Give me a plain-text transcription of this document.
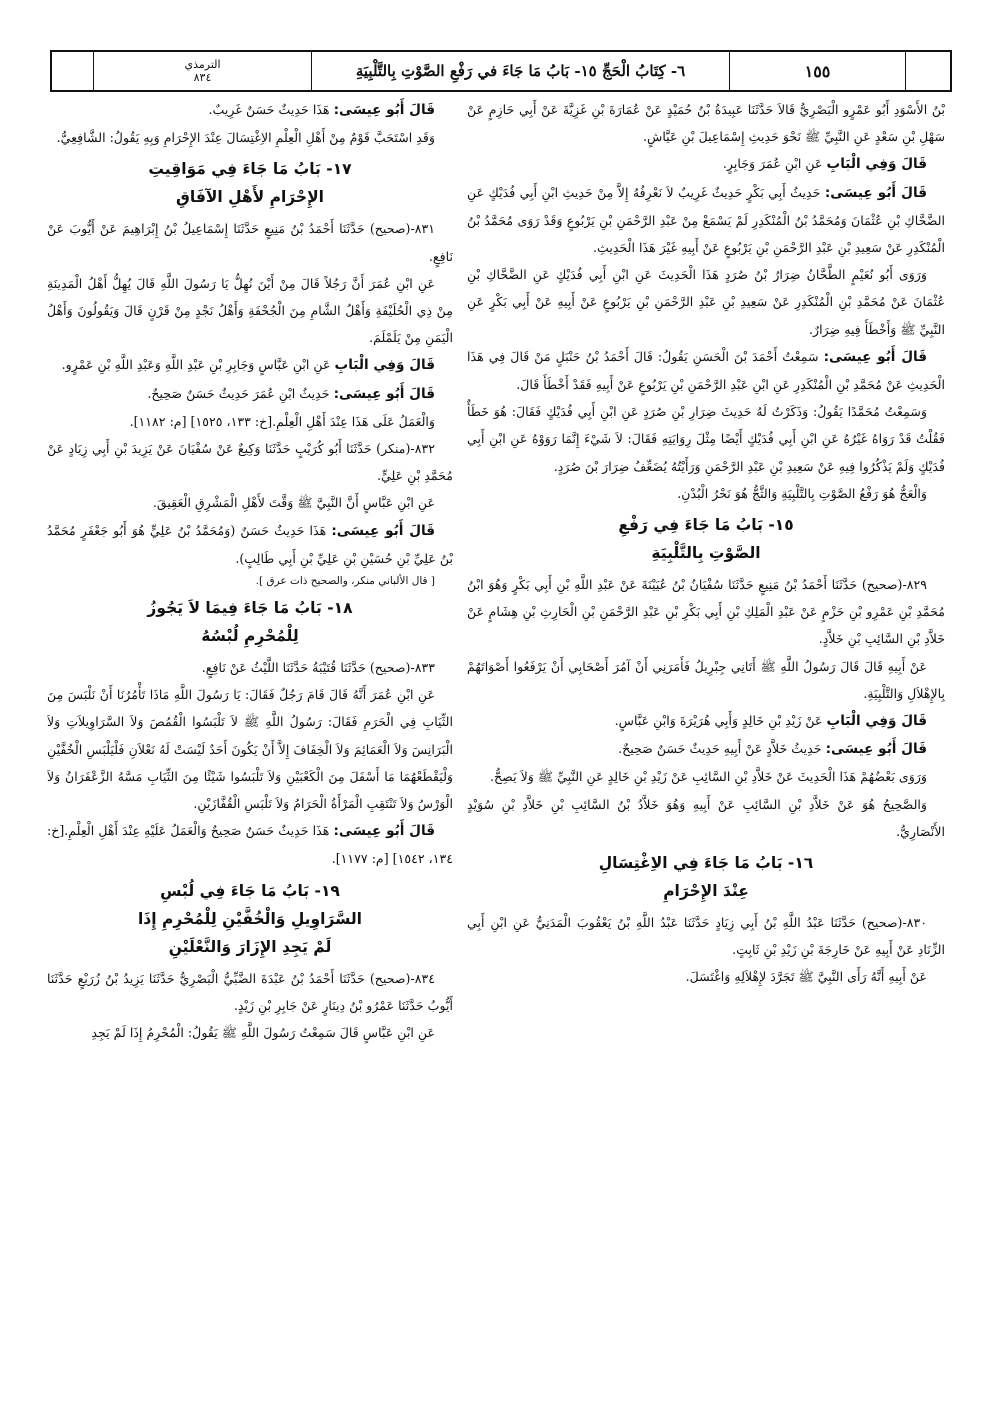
الترمذي
٨٣٤	٦- كِتَابُ الْحَجِّ ١٥- بَابُ مَا جَاءَ في رَفْعِ الصَّوْتِ بِالتَّلْبِيَةِ	١٥٥

بْنُ الأَسْوَدِ أَبُو عَمْرٍو الْبَصْرِيُّ قَالاَ حَدَّثَنَا عَبِيدَةُ بْنُ حُمَيْدٍ عَنْ عُمَارَةَ بْنِ غَزِيَّةَ عَنْ أَبِي حَازِمٍ عَنْ سَهْلِ بْنِ سَعْدٍ عَنِ النَّبِيِّ ﷺ نَحْوَ حَدِيثِ إِسْمَاعِيلَ بْنِ عَيَّاشٍ.

قَالَ وَفِي الْبَابِ عَنِ ابْنِ عُمَرَ وَجَابِرٍ.

قَالَ أَبُو عِيسَى: حَدِيثُ أَبِي بَكْرٍ حَدِيثٌ غَرِيبٌ لاَ نَعْرِفُهُ إِلاَّ مِنْ حَدِيثِ ابْنِ أَبِي فُدَيْكٍ عَنِ الضَّحَّاكِ بْنِ عُثْمَانَ وَمُحَمَّدُ بْنُ الْمُنْكَدِرِ لَمْ يَسْمَعْ مِنْ عَبْدِ الرَّحْمَنِ بْنِ يَرْبُوعٍ وَقَدْ رَوَى مُحَمَّدُ بْنُ الْمُنْكَدِرِ عَنْ سَعِيدِ بْنِ عَبْدِ الرَّحْمَنِ بْنِ يَرْبُوعٍ عَنْ أَبِيهِ غَيْرَ هَذَا الْحَدِيثِ.

وَرَوَى أَبُو نُعَيْمٍ الطَّحَّانُ ضِرَارُ بْنُ صُرَدٍ هَذَا الْحَدِيثَ عَنِ ابْنِ أَبِي فُدَيْكٍ عَنِ الضَّحَّاكِ بْنِ عُثْمَانَ عَنْ مُحَمَّدِ بْنِ الْمُنْكَدِرِ عَنْ سَعِيدِ بْنِ عَبْدِ الرَّحْمَنِ بْنِ يَرْبُوعٍ عَنْ أَبِيهِ عَنْ أَبِي بَكْرٍ عَنِ النَّبِيِّ ﷺ وَأَخْطَأَ فِيهِ ضِرَارٌ.

قَالَ أَبُو عِيسَى: سَمِعْتُ أَحْمَدَ بْنَ الْحَسَنِ يَقُولُ: قَالَ أَحْمَدُ بْنُ حَنْبَلٍ مَنْ قَالَ فِي هَذَا الْحَدِيثِ عَنْ مُحَمَّدِ بْنِ الْمُنْكَدِرِ عَنِ ابْنِ عَبْدِ الرَّحْمَنِ بْنِ يَرْبُوعٍ عَنْ أَبِيهِ فَقَدْ أَخْطَأَ قَالَ.

وَسَمِعْتُ مُحَمَّدًا يَقُولُ: وَذَكَرْتُ لَهُ حَدِيثَ ضِرَارِ بْنِ صُرَدٍ عَنِ ابْنِ أَبِي فُدَيْكٍ فَقَالَ: هُوَ خَطَأٌ فَقُلْتُ قَدْ رَوَاهُ غَيْرُهُ عَنِ ابْنِ أَبِي فُدَيْكٍ أَيْضًا مِثْلَ رِوَايَتِهِ فَقَالَ: لاَ شَيْءَ إِنَّمَا رَوَوْهُ عَنِ ابْنِ أَبِي فُدَيْكٍ وَلَمْ يَذْكُرُوا فِيهِ عَنْ سَعِيدِ بْنِ عَبْدِ الرَّحْمَنِ وَرَأَيْتُهُ يُضَعِّفُ ضِرَارَ بْنَ صُرَدٍ.

وَالْعَجُّ هُوَ رَفْعُ الصَّوْتِ بِالتَّلْبِيَةِ وَالثَّجُّ هُوَ نَحْرُ الْبُدْنِ.

١٥- بَابُ مَا جَاءَ فِي رَفْعِ
الصَّوْتِ بِالتَّلْبِيَةِ

٨٢٩-(صحيح) حَدَّثَنَا أَحْمَدُ بْنُ مَنِيعٍ حَدَّثَنَا سُفْيَانُ بْنُ عُيَيْنَةَ عَنْ عَبْدِ اللَّهِ بْنِ أَبِي بَكْرٍ وَهُوَ ابْنُ مُحَمَّدِ بْنِ عَمْرِو بْنِ حَزْمٍ عَنْ عَبْدِ الْمَلِكِ بْنِ أَبِي بَكْرِ بْنِ عَبْدِ الرَّحْمَنِ بْنِ الْحَارِثِ بْنِ هِشَامٍ عَنْ خَلاَّدِ بْنِ السَّائِبِ بْنِ خَلاَّدٍ.

عَنْ أَبِيهِ قَالَ قَالَ رَسُولُ اللَّهِ ﷺ أَتَانِي جِبْرِيلُ فَأَمَرَنِي أَنْ آمُرَ أَصْحَابِي أَنْ يَرْفَعُوا أَصْوَاتَهُمْ بِالإِهْلاَلِ وَالتَّلْبِيَةِ.

قَالَ وَفِي الْبَابِ عَنْ زَيْدِ بْنِ خَالِدٍ وَأَبِي هُرَيْرَةَ وَابْنِ عَبَّاسٍ.

قَالَ أَبُو عِيسَى: حَدِيثُ خَلاَّدٍ عَنْ أَبِيهِ حَدِيثٌ حَسَنٌ صَحِيحٌ.

وَرَوَى بَعْضُهُمْ هَذَا الْحَدِيثَ عَنْ خَلاَّدِ بْنِ السَّائِبِ عَنْ زَيْدِ بْنِ خَالِدٍ عَنِ النَّبِيِّ ﷺ وَلاَ يَصِحُّ.

وَالصَّحِيحُ هُوَ عَنْ خَلاَّدِ بْنِ السَّائِبِ عَنْ أَبِيهِ وَهُوَ خَلاَّدُ بْنُ السَّائِبِ بْنِ خَلاَّدِ بْنِ سُوَيْدٍ الأَنْصَارِيُّ.

١٦- بَابُ مَا جَاءَ فِي الاِغْتِسَالِ
عِنْدَ الإِحْرَامِ

٨٣٠-(صحيح) حَدَّثَنَا عَبْدُ اللَّهِ بْنُ أَبِي زِيَادٍ حَدَّثَنَا عَبْدُ اللَّهِ بْنُ يَعْقُوبَ الْمَدَنِيُّ عَنِ ابْنِ أَبِي الزِّنَادِ عَنْ أَبِيهِ عَنْ خَارِجَةَ بْنِ زَيْدِ بْنِ ثَابِتٍ.

عَنْ أَبِيهِ أَنَّهُ رَأَى النَّبِيَّ ﷺ تَجَرَّدَ لإِهْلاَلِهِ وَاغْتَسَلَ.

قَالَ أَبُو عِيسَى: هَذَا حَدِيثٌ حَسَنٌ غَرِيبٌ.

وَقَدِ اسْتَحَبَّ قَوْمٌ مِنْ أَهْلِ الْعِلْمِ الاِغْتِسَالَ عِنْدَ الإِحْرَامِ وَبِهِ يَقُولُ: الشَّافِعِيُّ.

١٧- بَابُ مَا جَاءَ فِي مَوَاقِيتِ
الإِحْرَامِ لأَهْلِ الآفَاقِ

٨٣١-(صحيح) حَدَّثَنَا أَحْمَدُ بْنُ مَنِيعٍ حَدَّثَنَا إِسْمَاعِيلُ بْنُ إِبْرَاهِيمَ عَنْ أَيُّوبَ عَنْ نَافِعٍ.

عَنِ ابْنِ عُمَرَ أَنَّ رَجُلاً قَالَ مِنْ أَيْنَ نُهِلُّ يَا رَسُولَ اللَّهِ قَالَ يُهِلُّ أَهْلُ الْمَدِينَةِ مِنْ ذِي الْحُلَيْفَةِ وَأَهْلُ الشَّامِ مِنَ الْجُحْفَةِ وَأَهْلُ نَجْدٍ مِنْ قَرْنٍ قَالَ وَيَقُولُونَ وَأَهْلُ الْيَمَنِ مِنْ يَلَمْلَمَ.

قَالَ وَفِي الْبَابِ عَنِ ابْنِ عَبَّاسٍ وَجَابِرِ بْنِ عَبْدِ اللَّهِ وَعَبْدِ اللَّهِ بْنِ عَمْرٍو.

قَالَ أَبُو عِيسَى: حَدِيثُ ابْنِ عُمَرَ حَدِيثٌ حَسَنٌ صَحِيحٌ.

وَالْعَمَلُ عَلَى هَذَا عِنْدَ أَهْلِ الْعِلْمِ.[خ: ١٣٣، ١٥٢٥] [م: ١١٨٢].

٨٣٢-(منكر) حَدَّثَنَا أَبُو كُرَيْبٍ حَدَّثَنَا وَكِيعٌ عَنْ سُفْيَانَ عَنْ يَزِيدَ بْنِ أَبِي زِيَادٍ عَنْ مُحَمَّدِ بْنِ عَلِيٍّ.

عَنِ ابْنِ عَبَّاسٍ أَنَّ النَّبِيَّ ﷺ وَقَّتَ لأَهْلِ الْمَشْرِقِ الْعَقِيقَ.

قَالَ أَبُو عِيسَى: هَذَا حَدِيثٌ حَسَنٌ (وَمُحَمَّدُ بْنُ عَلِيٍّ هُوَ أَبُو جَعْفَرٍ مُحَمَّدُ بْنُ عَلِيِّ بْنِ حُسَيْنِ بْنِ عَلِيِّ بْنِ أَبِي طَالِبٍ).

[ قال الألباني منكر، والصحيح ذات عرق ].

١٨- بَابُ مَا جَاءَ فِيمَا لاَ يَجُوزُ
لِلْمُحْرِمِ لُبْسُهُ

٨٣٣-(صحيح) حَدَّثَنَا قُتَيْبَةُ حَدَّثَنَا اللَّيْثُ عَنْ نَافِعٍ.

عَنِ ابْنِ عُمَرَ أَنَّهُ قَالَ قَامَ رَجُلٌ فَقَالَ: يَا رَسُولَ اللَّهِ مَاذَا تَأْمُرُنَا أَنْ نَلْبَسَ مِنَ الثِّيَابِ فِي الْحَرَمِ فَقَالَ: رَسُولُ اللَّهِ ﷺ لاَ تَلْبَسُوا الْقُمُصَ وَلاَ السَّرَاوِيلاَتِ وَلاَ الْبَرَانِسَ وَلاَ الْعَمَائِمَ وَلاَ الْخِفَافَ إِلاَّ أَنْ يَكُونَ أَحَدٌ لَيْسَتْ لَهُ نَعْلاَنِ فَلْيَلْبَسِ الْخُفَّيْنِ وَلْيَقْطَعْهُمَا مَا أَسْفَلَ مِنَ الْكَعْبَيْنِ وَلاَ تَلْبَسُوا شَيْئًا مِنَ الثِّيَابِ مَسَّهُ الزَّعْفَرَانُ وَلاَ الْوَرْسُ وَلاَ تَنْتَقِبِ الْمَرْأَةُ الْحَرَامُ وَلاَ تَلْبَسِ الْقُفَّازَيْنِ.

قَالَ أَبُو عِيسَى: هَذَا حَدِيثٌ حَسَنٌ صَحِيحٌ وَالْعَمَلُ عَلَيْهِ عِنْدَ أَهْلِ الْعِلْمِ.[خ: ١٣٤، ١٥٤٢] [م: ١١٧٧].

١٩- بَابُ مَا جَاءَ فِي لُبْسِ
السَّرَاوِيلِ وَالْخُفَّيْنِ لِلْمُحْرِمِ إِذَا
لَمْ يَجِدِ الإِزَارَ وَالنَّعْلَيْنِ

٨٣٤-(صحيح) حَدَّثَنَا أَحْمَدُ بْنُ عَبْدَةَ الضَّبِّيُّ الْبَصْرِيُّ حَدَّثَنَا يَزِيدُ بْنُ زُرَيْعٍ حَدَّثَنَا أَيُّوبُ حَدَّثَنَا عَمْرُو بْنُ دِينَارٍ عَنْ جَابِرِ بْنِ زَيْدٍ.

عَنِ ابْنِ عَبَّاسٍ قَالَ سَمِعْتُ رَسُولَ اللَّهِ ﷺ يَقُولُ: الْمُحْرِمُ إِذَا لَمْ يَجِدِ
